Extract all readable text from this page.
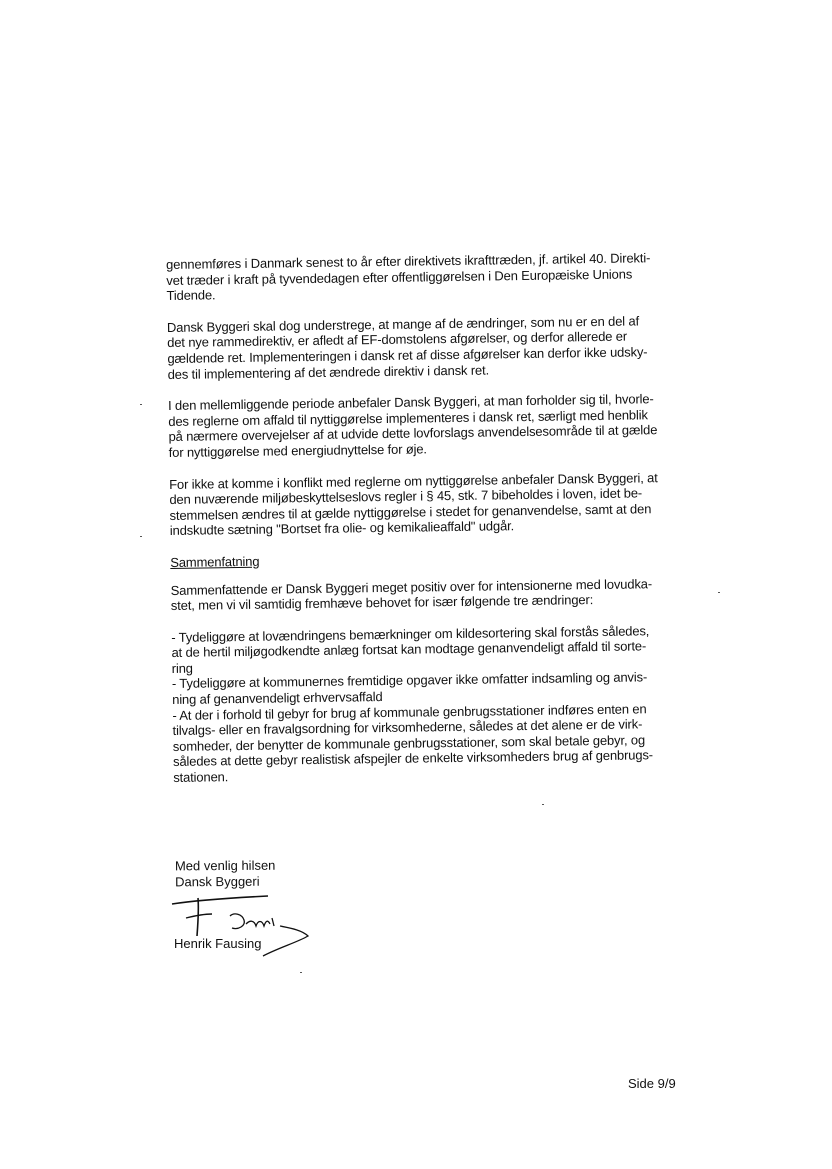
gennemføres i Danmark senest to år efter direktivets ikrafttræden, jf. artikel 40. Direkti-
vet træder i kraft på tyvendedagen efter offentliggørelsen i Den Europæiske Unions
Tidende.

Dansk Byggeri skal dog understrege, at mange af de ændringer, som nu er en del af
det nye rammedirektiv, er afledt af EF-domstolens afgørelser, og derfor allerede er
gældende ret. Implementeringen i dansk ret af disse afgørelser kan derfor ikke udsky-
des til implementering af det ændrede direktiv i dansk ret.

I den mellemliggende periode anbefaler Dansk Byggeri, at man forholder sig til, hvorle-
des reglerne om affald til nyttiggørelse implementeres i dansk ret, særligt med henblik
på nærmere overvejelser af at udvide dette lovforslags anvendelsesområde til at gælde
for nyttiggørelse med energiudnyttelse for øje.

For ikke at komme i konflikt med reglerne om nyttiggørelse anbefaler Dansk Byggeri, at
den nuværende miljøbeskyttelseslovs regler i § 45, stk. 7 bibeholdes i loven, idet be-
stemmelsen ændres til at gælde nyttiggørelse i stedet for genanvendelse, samt at den
indskudte sætning "Bortset fra olie- og kemikalieaffald" udgår.

Sammenfatning

Sammenfattende er Dansk Byggeri meget positiv over for intensionerne med lovudka-
stet, men vi vil samtidig fremhæve behovet for især følgende tre ændringer:

- Tydeliggøre at lovændringens bemærkninger om kildesortering skal forstås således,
at de hertil miljøgodkendte anlæg fortsat kan modtage genanvendeligt affald til sorte-
ring
- Tydeliggøre at kommunernes fremtidige opgaver ikke omfatter indsamling og anvis-
ning af genanvendeligt erhvervsaffald
- At der i forhold til gebyr for brug af kommunale genbrugsstationer indføres enten en
tilvalgs- eller en fravalgsordning for virksomhederne, således at det alene er de virk-
somheder, der benytter de kommunale genbrugsstationer, som skal betale gebyr, og
således at dette gebyr realistisk afspejler de enkelte virksomheders brug af genbrugs-
stationen.

Med venlig hilsen
Dansk Byggeri
Henrik Fausing
Side 9/9
